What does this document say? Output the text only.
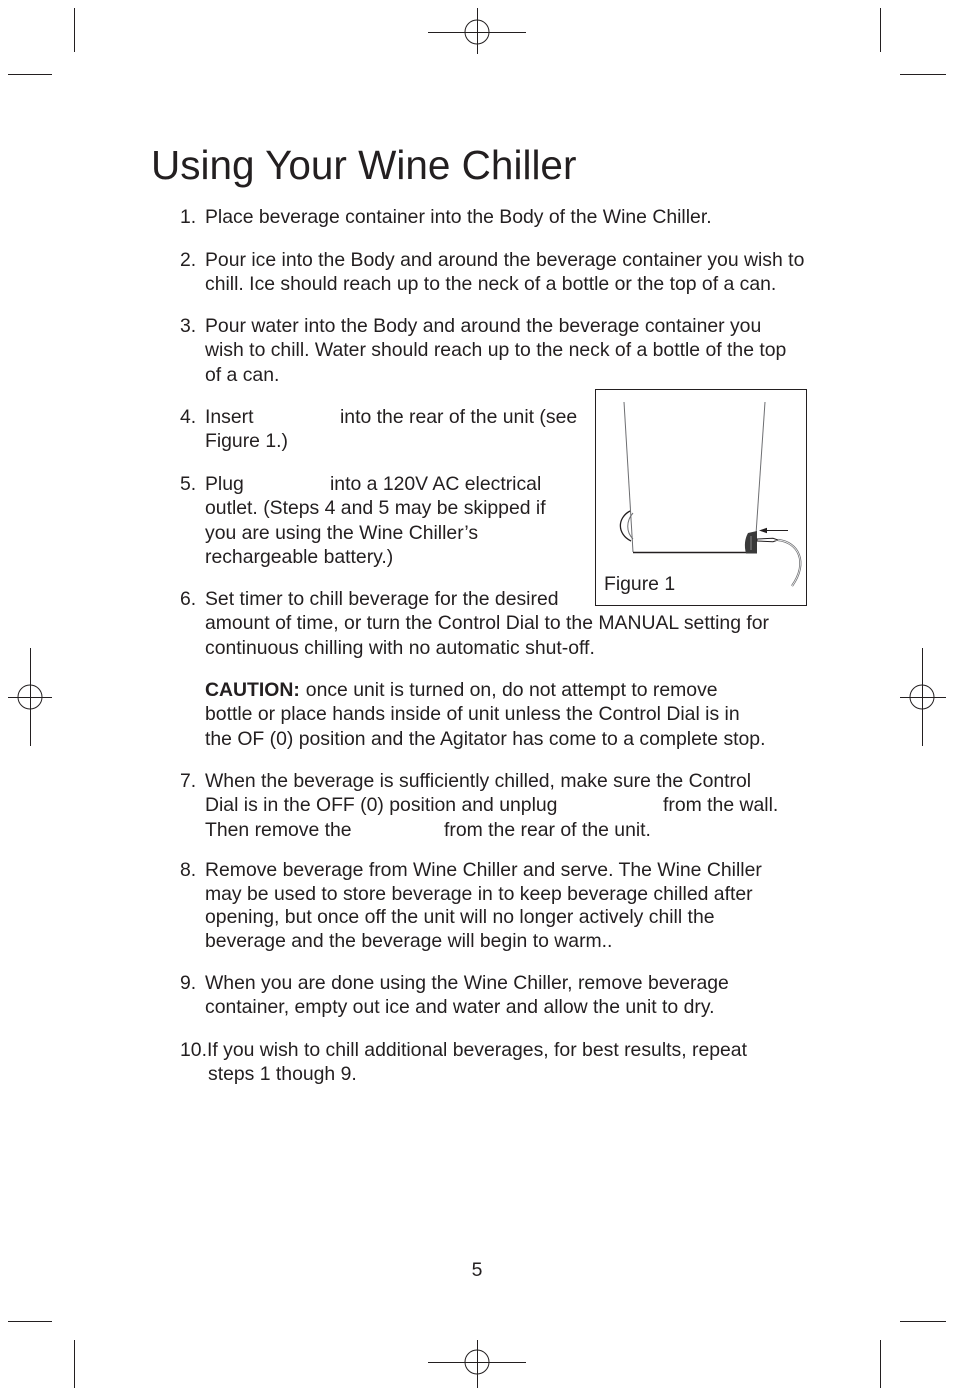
Using Your Wine Chiller
1. Place beverage container into the Body of the Wine Chiller.
2. Pour ice into the Body and around the beverage container you wish to
chill. Ice should reach up to the neck of a bottle or the top of a can.
3. Pour water into the Body and around the beverage container you
wish to chill. Water should reach up to the neck of a bottle of the top
of a can.
4. Insert	into the rear of the unit (see
Figure 1.)
5. Plug	into a 120V AC electrical
outlet. (Steps 4 and 5 may be skipped if
you are using the Wine Chiller’s
rechargeable battery.)
Figure 1
6. Set timer to chill beverage for the desired
amount of time, or turn the Control Dial to the MANUAL setting for
continuous chilling with no automatic shut-off.
CAUTION: once unit is turned on, do not attempt to remove
bottle or place hands inside of unit unless the Control Dial is in
the OF (0) position and the Agitator has come to a complete stop.
7. When the beverage is sufficiently chilled, make sure the Control
Dial is in the OFF (0) position and unplug	from the wall.
Then remove the	from the rear of the unit.
8. Remove beverage from Wine Chiller and serve. The Wine Chiller
may be used to store beverage in to keep beverage chilled after
opening, but once off the unit will no longer actively chill the
beverage and the beverage will begin to warm..
9. When you are done using the Wine Chiller, remove beverage
container, empty out ice and water and allow the unit to dry.
10.If you wish to chill additional beverages, for best results, repeat
steps 1 though 9.
5
